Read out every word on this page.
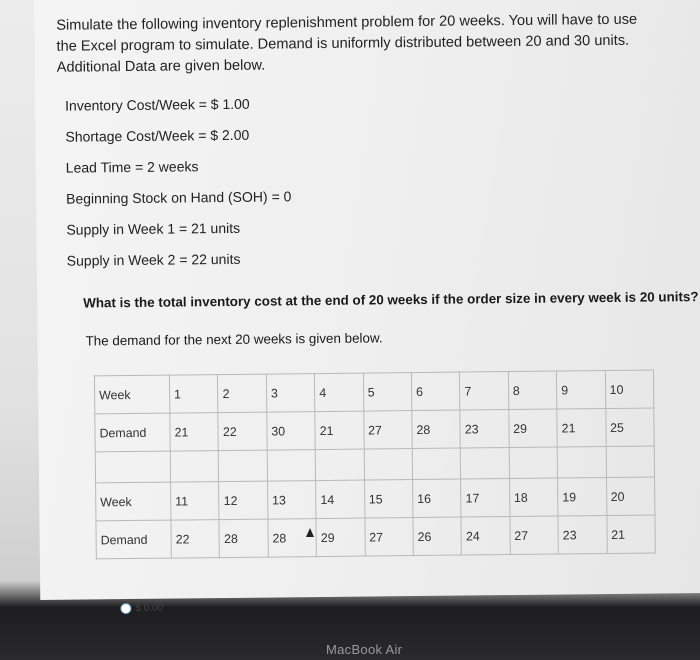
Simulate the following inventory replenishment problem for 20 weeks. You will have to use the Excel program to simulate. Demand is uniformly distributed between 20 and 30 units. Additional Data are given below.
Inventory Cost/Week = $ 1.00
Shortage Cost/Week = $ 2.00
Lead Time = 2 weeks
Beginning Stock on Hand (SOH) = 0
Supply in Week 1 = 21 units
Supply in Week 2 = 22 units
What is the total inventory cost at the end of 20 weeks if the order size in every week is 20 units?
The demand for the next 20 weeks is given below.
Week	1	2	3	4	5	6	7	8	9	10
Demand	21	22	30	21	27	28	23	29	21	25

Week	11	12	13	14	15	16	17	18	19	20
Demand	22	28	28	29	27	26	24	27	23	21
$ 0.00
MacBook Air
